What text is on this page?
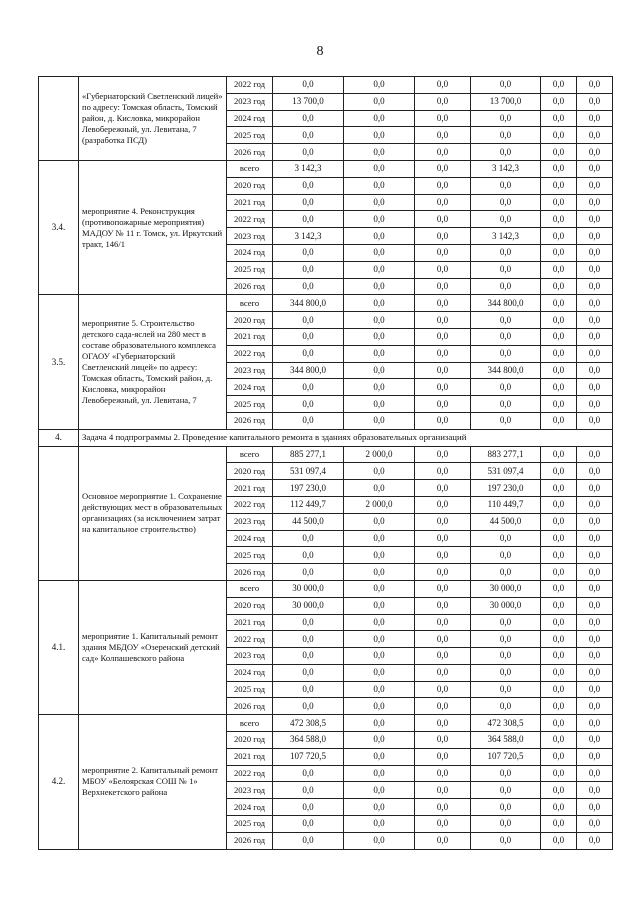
8
	«Губернаторский Светленский лицей» по адресу: Томская область, Томский район, д. Кисловка, микрорайон Левобережный, ул. Левитана, 7 (разработка ПСД)	2022 год	0,0	0,0	0,0	0,0	0,0	0,0
		2023 год	13 700,0	0,0	0,0	13 700,0	0,0	0,0
		2024 год	0,0	0,0	0,0	0,0	0,0	0,0
		2025 год	0,0	0,0	0,0	0,0	0,0	0,0
		2026 год	0,0	0,0	0,0	0,0	0,0	0,0
3.4.	мероприятие 4. Реконструкция (противопожарные мероприятия) МАДОУ № 11 г. Томск, ул. Иркутский тракт, 146/1	всего	3 142,3	0,0	0,0	3 142,3	0,0	0,0
		2020 год	0,0	0,0	0,0	0,0	0,0	0,0
		2021 год	0,0	0,0	0,0	0,0	0,0	0,0
		2022 год	0,0	0,0	0,0	0,0	0,0	0,0
		2023 год	3 142,3	0,0	0,0	3 142,3	0,0	0,0
		2024 год	0,0	0,0	0,0	0,0	0,0	0,0
		2025 год	0,0	0,0	0,0	0,0	0,0	0,0
		2026 год	0,0	0,0	0,0	0,0	0,0	0,0
3.5.	мероприятие 5. Строительство детского сада-яслей на 280 мест в составе образовательного комплекса ОГАОУ «Губернаторский Светленский лицей» по адресу: Томская область, Томский район, д. Кисловка, микрорайон Левобережный, ул. Левитана, 7	всего	344 800,0	0,0	0,0	344 800,0	0,0	0,0
		2020 год	0,0	0,0	0,0	0,0	0,0	0,0
		2021 год	0,0	0,0	0,0	0,0	0,0	0,0
		2022 год	0,0	0,0	0,0	0,0	0,0	0,0
		2023 год	344 800,0	0,0	0,0	344 800,0	0,0	0,0
		2024 год	0,0	0,0	0,0	0,0	0,0	0,0
		2025 год	0,0	0,0	0,0	0,0	0,0	0,0
		2026 год	0,0	0,0	0,0	0,0	0,0	0,0
4.	Задача 4 подпрограммы 2. Проведение капитального ремонта в зданиях образовательных организаций							
	Основное мероприятие 1. Сохранение действующих мест в образовательных организациях (за исключением затрат на капитальное строительство)	всего	885 277,1	2 000,0	0,0	883 277,1	0,0	0,0
		2020 год	531 097,4	0,0	0,0	531 097,4	0,0	0,0
		2021 год	197 230,0	0,0	0,0	197 230,0	0,0	0,0
		2022 год	112 449,7	2 000,0	0,0	110 449,7	0,0	0,0
		2023 год	44 500,0	0,0	0,0	44 500,0	0,0	0,0
		2024 год	0,0	0,0	0,0	0,0	0,0	0,0
		2025 год	0,0	0,0	0,0	0,0	0,0	0,0
		2026 год	0,0	0,0	0,0	0,0	0,0	0,0
4.1.	мероприятие 1. Капитальный ремонт здания МБДОУ «Озеренский детский сад» Колпашевского района	всего	30 000,0	0,0	0,0	30 000,0	0,0	0,0
		2020 год	30 000,0	0,0	0,0	30 000,0	0,0	0,0
		2021 год	0,0	0,0	0,0	0,0	0,0	0,0
		2022 год	0,0	0,0	0,0	0,0	0,0	0,0
		2023 год	0,0	0,0	0,0	0,0	0,0	0,0
		2024 год	0,0	0,0	0,0	0,0	0,0	0,0
		2025 год	0,0	0,0	0,0	0,0	0,0	0,0
		2026 год	0,0	0,0	0,0	0,0	0,0	0,0
4.2.	мероприятие 2. Капитальный ремонт МБОУ «Белоярская СОШ № 1» Верхнекетского района	всего	472 308,5	0,0	0,0	472 308,5	0,0	0,0
		2020 год	364 588,0	0,0	0,0	364 588,0	0,0	0,0
		2021 год	107 720,5	0,0	0,0	107 720,5	0,0	0,0
		2022 год	0,0	0,0	0,0	0,0	0,0	0,0
		2023 год	0,0	0,0	0,0	0,0	0,0	0,0
		2024 год	0,0	0,0	0,0	0,0	0,0	0,0
		2025 год	0,0	0,0	0,0	0,0	0,0	0,0
		2026 год	0,0	0,0	0,0	0,0	0,0	0,0
